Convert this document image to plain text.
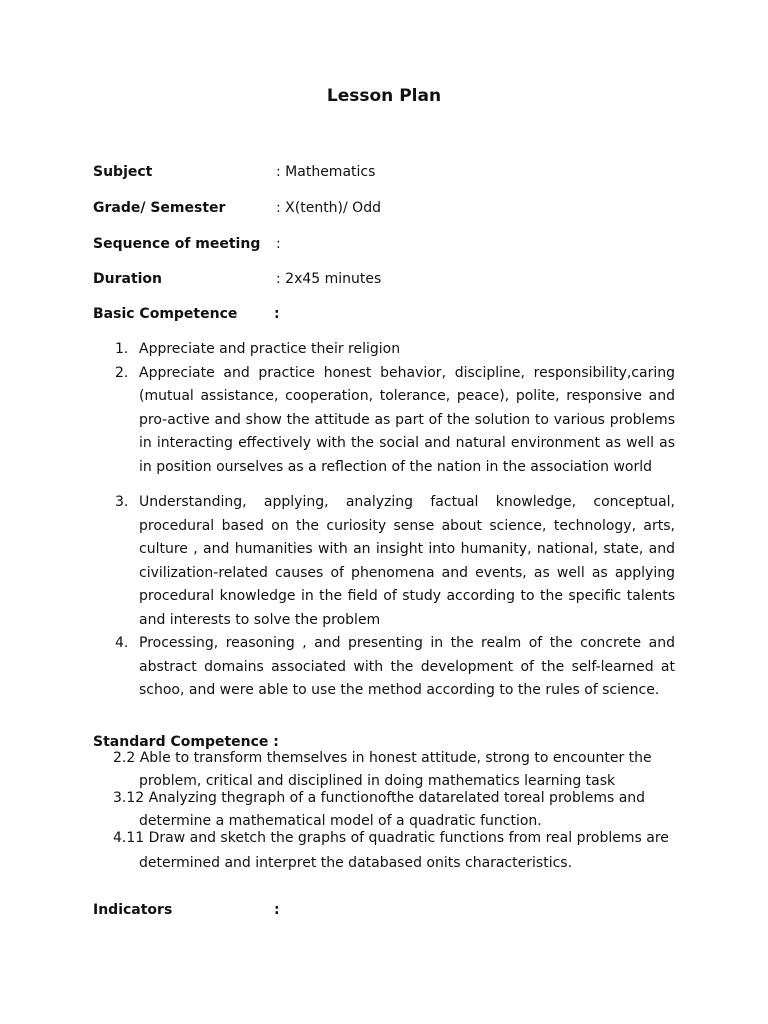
Lesson Plan
Subject	: Mathematics
Grade/ Semester	: X(tenth)/ Odd
Sequence of meeting :
Duration	: 2x45 minutes
Basic Competence	:
1. Appreciate and practice their religion
2. Appreciate and practice honest behavior, discipline, responsibility,caring (mutual assistance, cooperation, tolerance, peace), polite, responsive and pro-active and show the attitude as part of the solution to various problems in interacting effectively with the social and natural environment as well as in position ourselves as a reflection of the nation in the association world
3. Understanding, applying, analyzing factual knowledge, conceptual, procedural based on the curiosity sense about science, technology, arts, culture , and humanities with an insight into humanity, national, state, and civilization-related causes of phenomena and events, as well as applying procedural knowledge in the field of study according to the specific talents and interests to solve the problem
4. Processing, reasoning , and presenting in the realm of the concrete and abstract domains associated with the development of the self-learned at schoo, and were able to use the method according to the rules of science.
Standard Competence :
2.2 Able to transform themselves in honest attitude, strong to encounter the
problem, critical and disciplined in doing mathematics learning task
3.12 Analyzing thegraph of a functionofthe datarelated toreal problems and
determine a mathematical model of a quadratic function.
4.11 Draw and sketch the graphs of quadratic functions from real problems are
determined and interpret the databased onits characteristics.
Indicators	:
